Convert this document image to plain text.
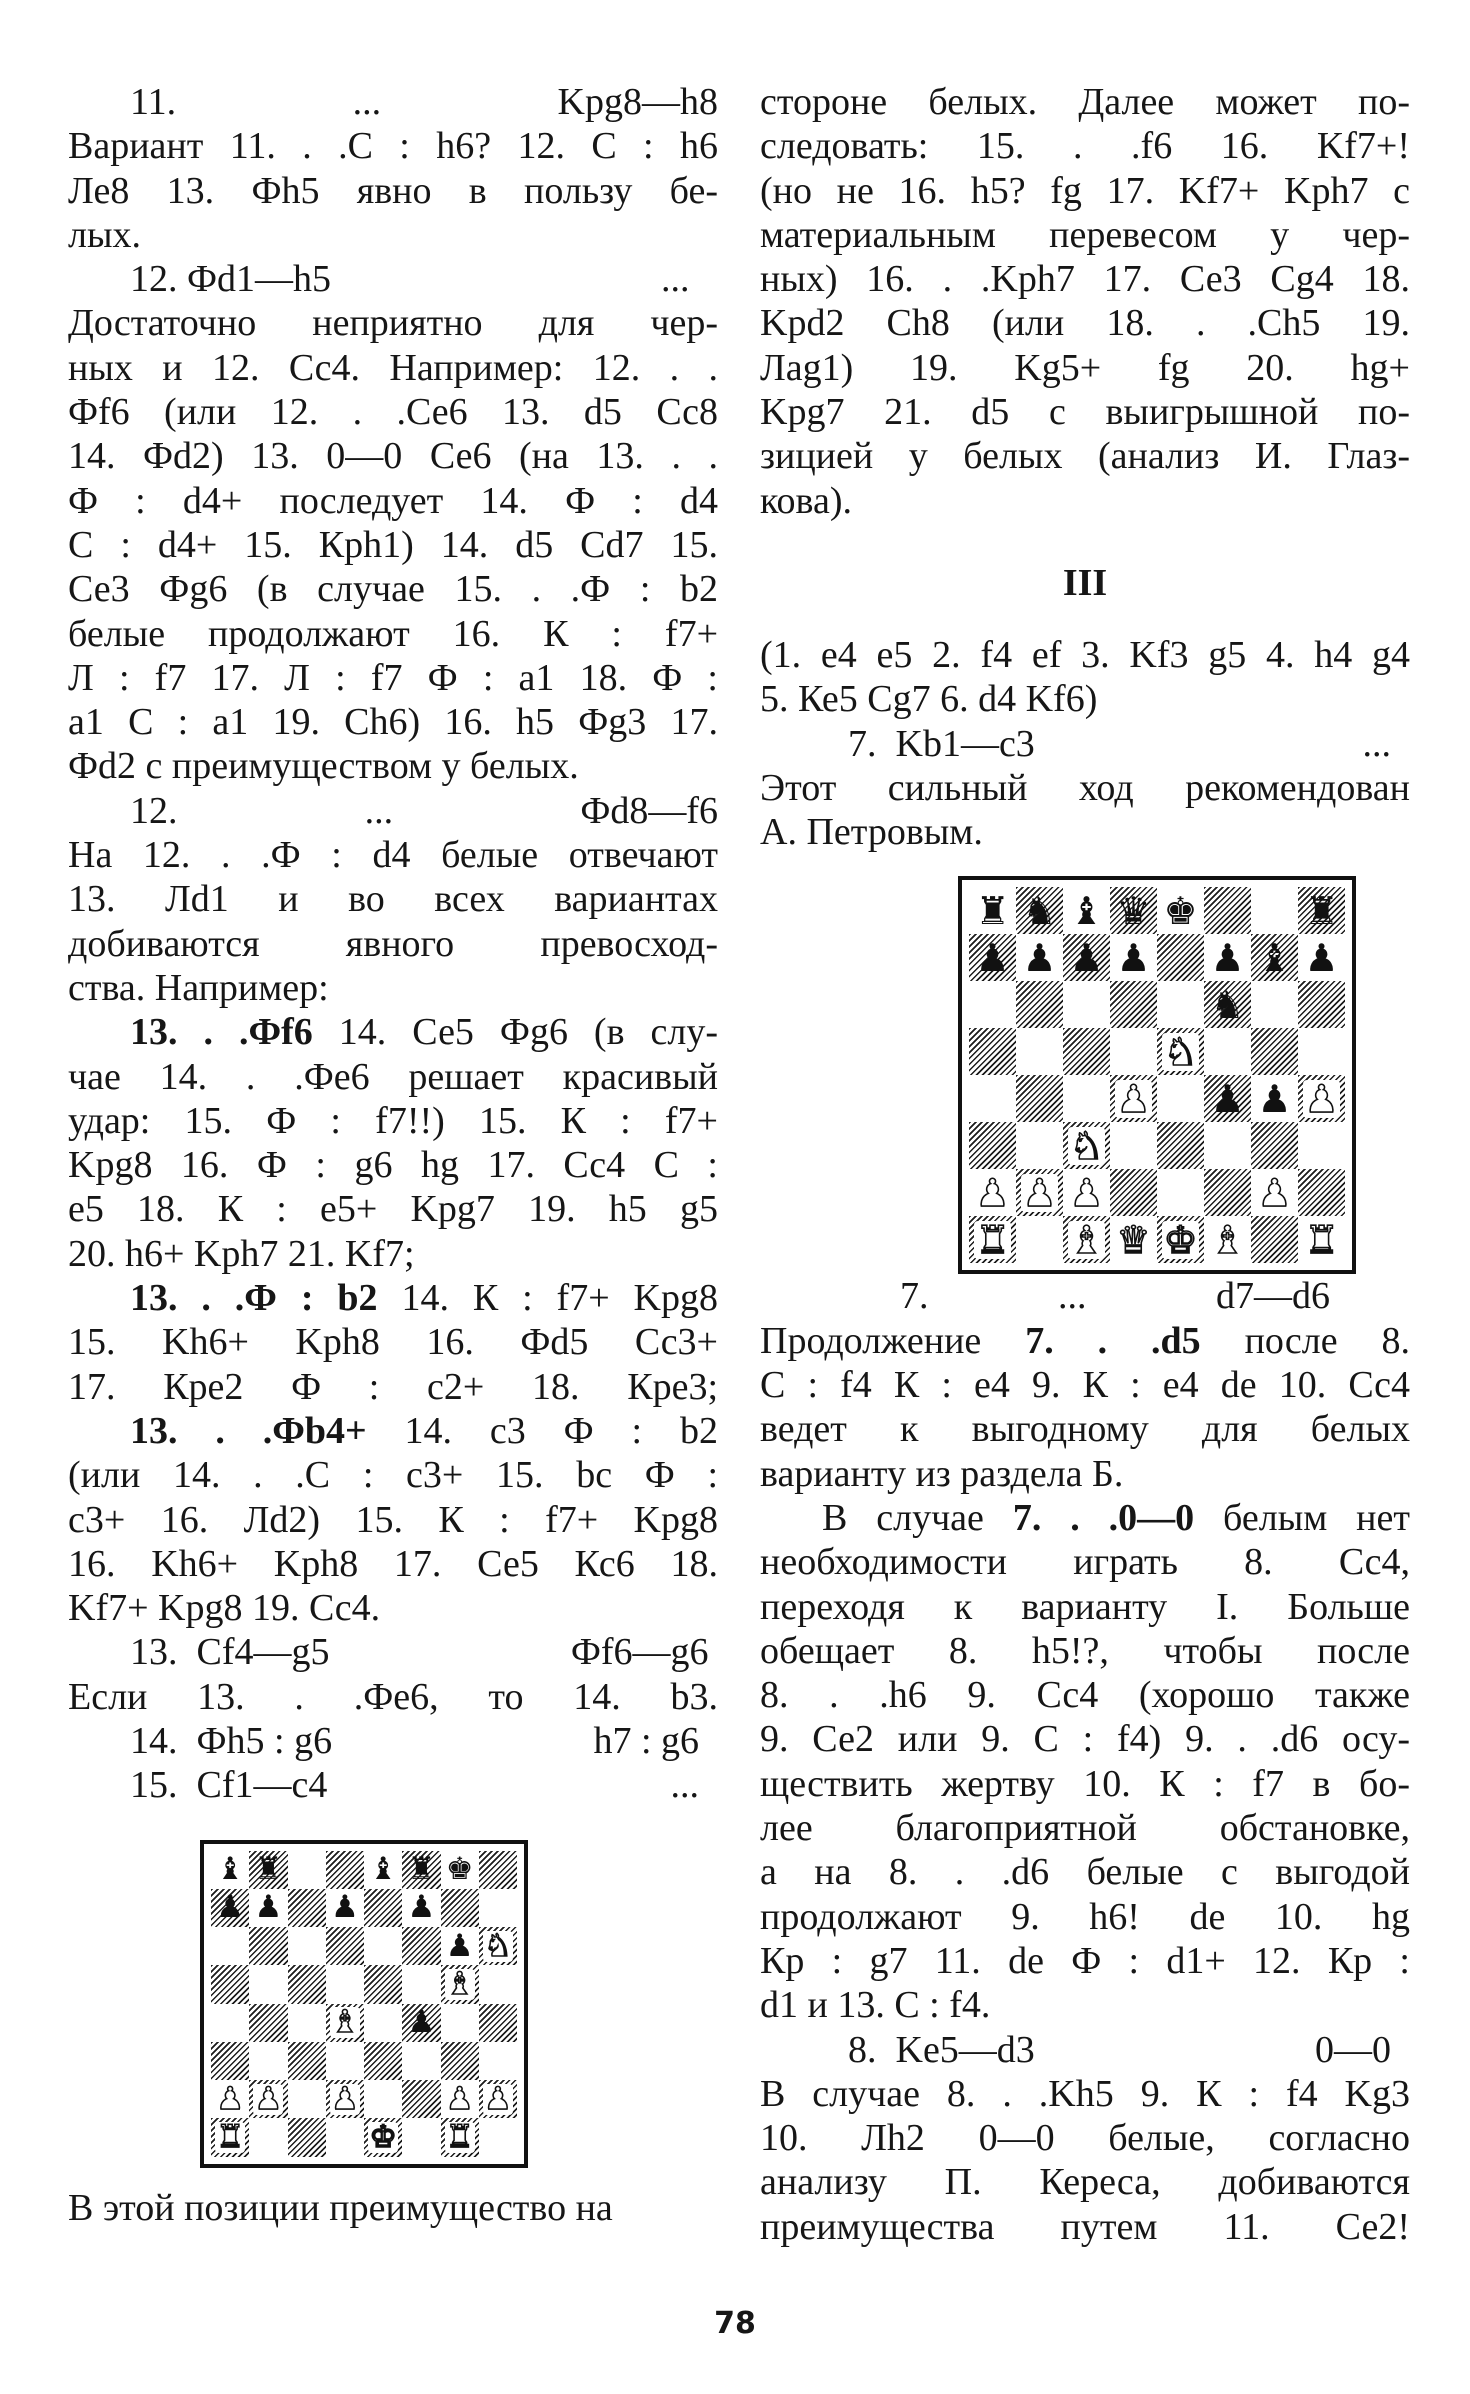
11.	...	Kpg8—h8
Вариант 11. . .С : h6? 12. С : h6
Ле8 13. Фh5 явно в пользу бе-
лых.
12. Фd1—h5	...
Достаточно неприятно для чер-
ных и 12. Сс4. Например: 12. . .
Фf6 (или 12. . .Се6 13. d5 Сс8
14. Фd2) 13. 0—0 Се6 (на 13. . .
Ф : d4+ последует 14. Ф : d4
С : d4+ 15. Кph1) 14. d5 Cd7 15.
Се3 Фg6 (в случае 15. . .Ф : b2
белые продолжают 16. К : f7+
Л : f7 17. Л : f7 Ф : a1 18. Ф :
a1 С : a1 19. Ch6) 16. h5 Фg3 17.
Фd2 с преимуществом у белых.
12.	...	Фd8—f6
На 12. . .Ф : d4 белые отвечают
13. Лd1 и во всех вариантах
добиваются явного превосход-
ства. Например:
13. . .Фf6 14. Се5 Фg6 (в слу-
чае 14. . .Фе6 решает красивый
удар: 15. Ф : f7!!) 15. К : f7+
Kpg8 16. Ф : g6 hg 17. Сс4 С :
е5 18. К : е5+ Kpg7 19. h5 g5
20. h6+ Kph7 21. Kf7;
13. . .Ф : b2 14. К : f7+ Kpg8
15. Kh6+ Kph8 16. Фd5 Сс3+
17. Кре2 Ф : с2+ 18. Кре3;
13. . .Фb4+ 14. с3 Ф : b2
(или 14. . .С : с3+ 15. bc Ф :
с3+ 16. Лd2) 15. К : f7+ Kpg8
16. Kh6+ Kph8 17. Се5 Кс6 18.
Kf7+ Kpg8 19. Сс4.
13.  Cf4—g5	Фf6—g6
Если 13. . .Фе6, то 14. b3.
14.  Фh5 : g6	h7 : g6
15.  Cf1—c4	...
♝ ♜	♝ ♜ ♚
♟ ♟ ♟ ♟
♟ ♞
♝
♝ ♟
♟ ♟ ♟	♟ ♟
♜	♚ ♜
В этой позиции преимущество на
стороне белых. Далее может по-
следовать: 15. . .f6 16. Kf7+!
(но не 16. h5? fg 17. Kf7+ Kph7 с
материальным перевесом у чер-
ных) 16. . .Kph7 17. Се3 Сg4 18.
Kpd2 Ch8 (или 18. . .Ch5 19.
Лag1) 19. Kg5+ fg 20. hg+
Kpg7 21. d5 с выигрышной по-
зицией у белых (анализ И. Глаз-
кова).
III
(1. е4 е5 2. f4 ef 3. Kf3 g5 4. h4 g4
5. Ке5 Cg7 6. d4 Kf6)
7.  Kb1—c3	...
Этот сильный ход рекомендован
А. Петровым.
♜ ♞ ♝ ♛ ♚	♜
♟ ♟ ♟ ♟ ♟ ♝ ♟
♞
♞
♟ ♟ ♟ ♟
♞
♟ ♟ ♟	♟
♜ ♝ ♛ ♚ ♝ ♜
7.	...	d7—d6
Продолжение 7. . .d5 после 8.
С : f4 К : е4 9. К : е4 de 10. Сс4
ведет к выгодному для белых
варианту из раздела Б.
В случае 7. . .0—0 белым нет
необходимости играть 8. Сс4,
переходя к варианту I. Больше
обещает 8. h5!?, чтобы после
8. . .h6 9. Сс4 (хорошо также
9. Се2 или 9. С : f4) 9. . .d6 осу-
ществить жертву 10. К : f7 в бо-
лее благоприятной обстановке,
а на 8. . .d6 белые с выгодой
продолжают 9. h6! de 10. hg
Кр : g7 11. de Ф : d1+ 12. Кр :
d1 и 13. С : f4.
8.  Ke5—d3	0—0
В случае 8. . .Kh5 9. К : f4 Kg3
10. Лh2 0—0 белые, согласно
анализу П. Кереса, добиваются
преимущества путем 11. Се2!
78
